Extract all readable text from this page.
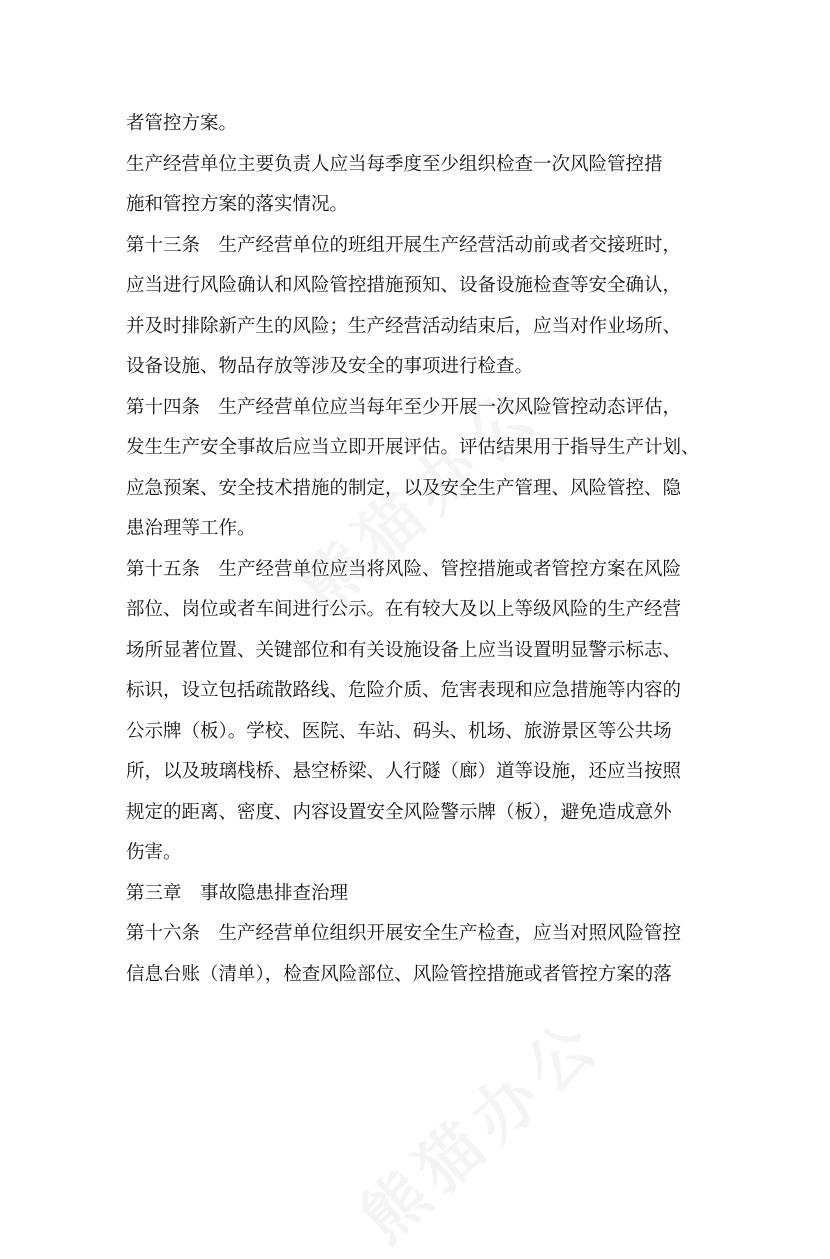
者管控方案。
生产经营单位主要负责人应当每季度至少组织检查一次风险管控措
施和管控方案的落实情况。
第十三条　生产经营单位的班组开展生产经营活动前或者交接班时，
应当进行风险确认和风险管控措施预知、设备设施检查等安全确认，
并及时排除新产生的风险；生产经营活动结束后，应当对作业场所、
设备设施、物品存放等涉及安全的事项进行检查。
第十四条　生产经营单位应当每年至少开展一次风险管控动态评估，
发生生产安全事故后应当立即开展评估。评估结果用于指导生产计划、
应急预案、安全技术措施的制定，以及安全生产管理、风险管控、隐
患治理等工作。
第十五条　生产经营单位应当将风险、管控措施或者管控方案在风险
部位、岗位或者车间进行公示。在有较大及以上等级风险的生产经营
场所显著位置、关键部位和有关设施设备上应当设置明显警示标志、
标识，设立包括疏散路线、危险介质、危害表现和应急措施等内容的
公示牌（板）。学校、医院、车站、码头、机场、旅游景区等公共场
所，以及玻璃栈桥、悬空桥梁、人行隧（廊）道等设施，还应当按照
规定的距离、密度、内容设置安全风险警示牌（板），避免造成意外
伤害。
第三章　事故隐患排查治理
第十六条　生产经营单位组织开展安全生产检查，应当对照风险管控
信息台账（清单），检查风险部位、风险管控措施或者管控方案的落
